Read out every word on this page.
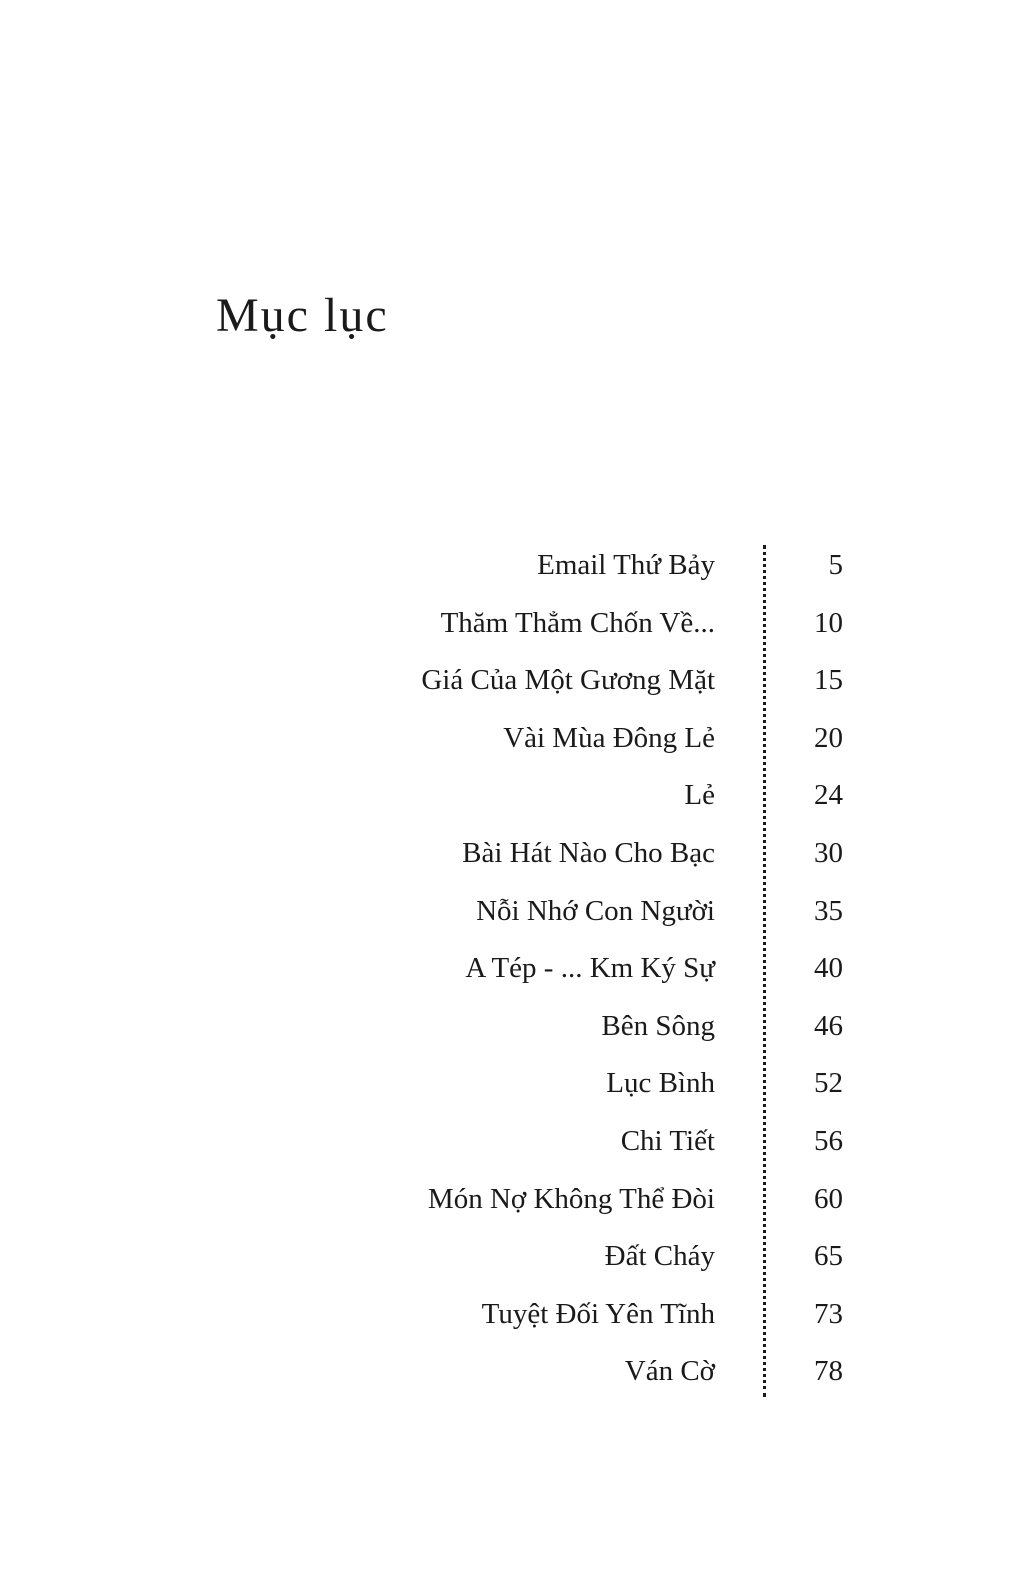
Mục lục
Email Thứ Bảy	5
Thăm Thẳm Chốn Về...	10
Giá Của Một Gương Mặt	15
Vài Mùa Đông Lẻ	20
Lẻ	24
Bài Hát Nào Cho Bạc	30
Nỗi Nhớ Con Người	35
A Tép - ... Km Ký Sự	40
Bên Sông	46
Lục Bình	52
Chi Tiết	56
Món Nợ Không Thể Đòi	60
Đất Cháy	65
Tuyệt Đối Yên Tĩnh	73
Ván Cờ	78
